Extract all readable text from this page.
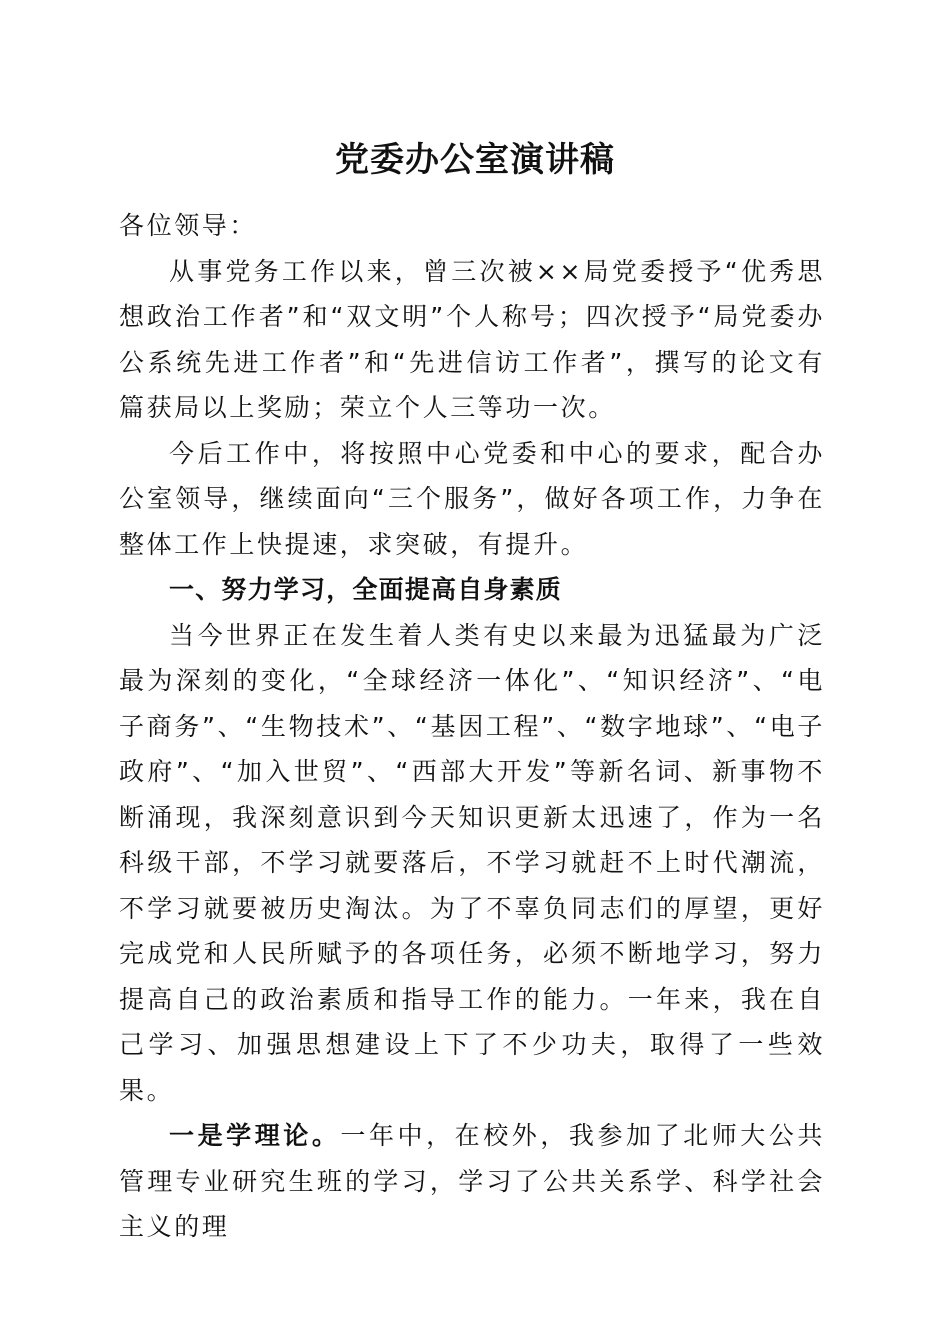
党委办公室演讲稿

各位领导：

从事党务工作以来，曾三次被××局党委授予“优秀思想政治工作者”和“双文明”个人称号；四次授予“局党委办公系统先进工作者”和“先进信访工作者”，撰写的论文有篇获局以上奖励；荣立个人三等功一次。

今后工作中，将按照中心党委和中心的要求，配合办公室领导，继续面向“三个服务”，做好各项工作，力争在整体工作上快提速，求突破，有提升。

一、努力学习，全面提高自身素质

当今世界正在发生着人类有史以来最为迅猛最为广泛最为深刻的变化，“全球经济一体化”、“知识经济”、“电子商务”、“生物技术”、“基因工程”、“数字地球”、“电子政府”、“加入世贸”、“西部大开发”等新名词、新事物不断涌现，我深刻意识到今天知识更新太迅速了，作为一名科级干部，不学习就要落后，不学习就赶不上时代潮流，不学习就要被历史淘汰。为了不辜负同志们的厚望，更好完成党和人民所赋予的各项任务，必须不断地学习，努力提高自己的政治素质和指导工作的能力。一年来，我在自己学习、加强思想建设上下了不少功夫，取得了一些效果。

一是学理论。一年中，在校外，我参加了北师大公共管理专业研究生班的学习，学习了公共关系学、科学社会主义的理
